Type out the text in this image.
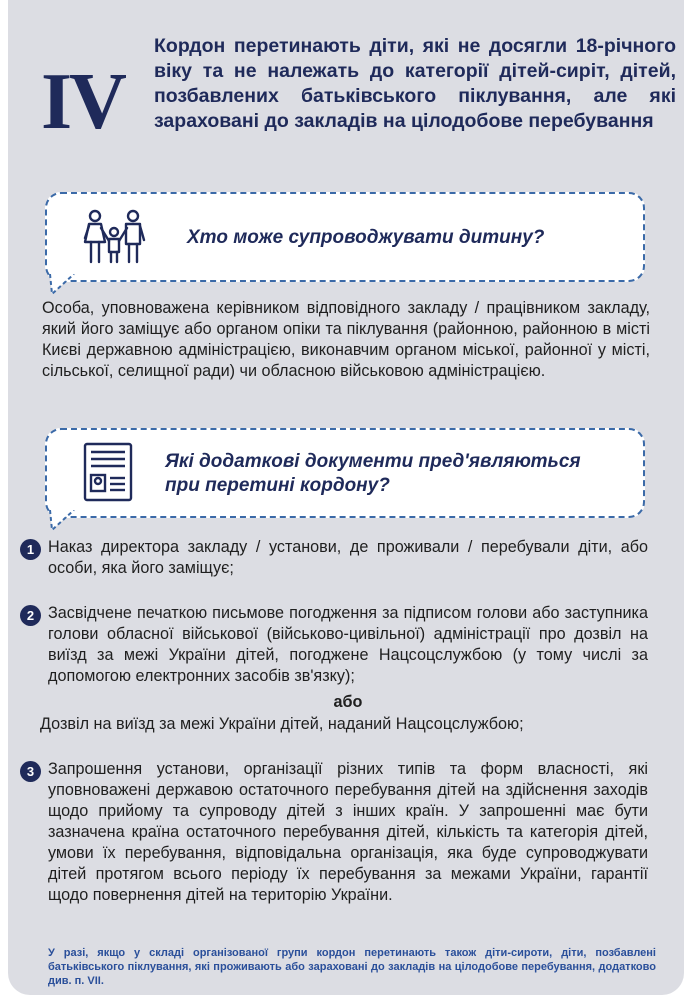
IV
Кордон перетинають діти, які не досягли 18-річного віку та не належать до категорії дітей-сиріт, дітей, позбавлених батьківського піклування, але які зараховані до закладів на цілодобове перебування
Хто може супроводжувати дитину?
Особа, уповноважена керівником відповідного закладу / працівником закладу, який його заміщує або органом опіки та піклування (районною, районною в місті Києві державною адміністрацією, виконавчим органом міської, районної у місті, сільської, селищної ради) чи обласною військовою адміністрацією.
Які додаткові документи пред'являються
при перетині кордону?
1 Наказ директора закладу / установи, де проживали / перебували діти, або особи, яка його заміщує;
2 Засвідчене печаткою письмове погодження за підписом голови або заступника голови обласної військової (військово-цивільної) адміністрації про дозвіл на виїзд за межі України дітей, погоджене Нацсоцслужбою (у тому числі за допомогою електронних засобів зв'язку);
або
Дозвіл на виїзд за межі України дітей, наданий Нацсоцслужбою;
3 Запрошення установи, організації різних типів та форм власності, які уповноважені державою остаточного перебування дітей на здійснення заходів щодо прийому та супроводу дітей з інших країн. У запрошенні має бути зазначена країна остаточного перебування дітей, кількість та категорія дітей, умови їх перебування, відповідальна організація, яка буде супроводжувати дітей протягом всього періоду їх перебування за межами України, гарантії щодо повернення дітей на територію України.
У разі, якщо у складі організованої групи кордон перетинають також діти-сироти, діти, позбавлені батьківського піклування, які проживають або зараховані до закладів на цілодобове перебування, додатково див. п. VII.
